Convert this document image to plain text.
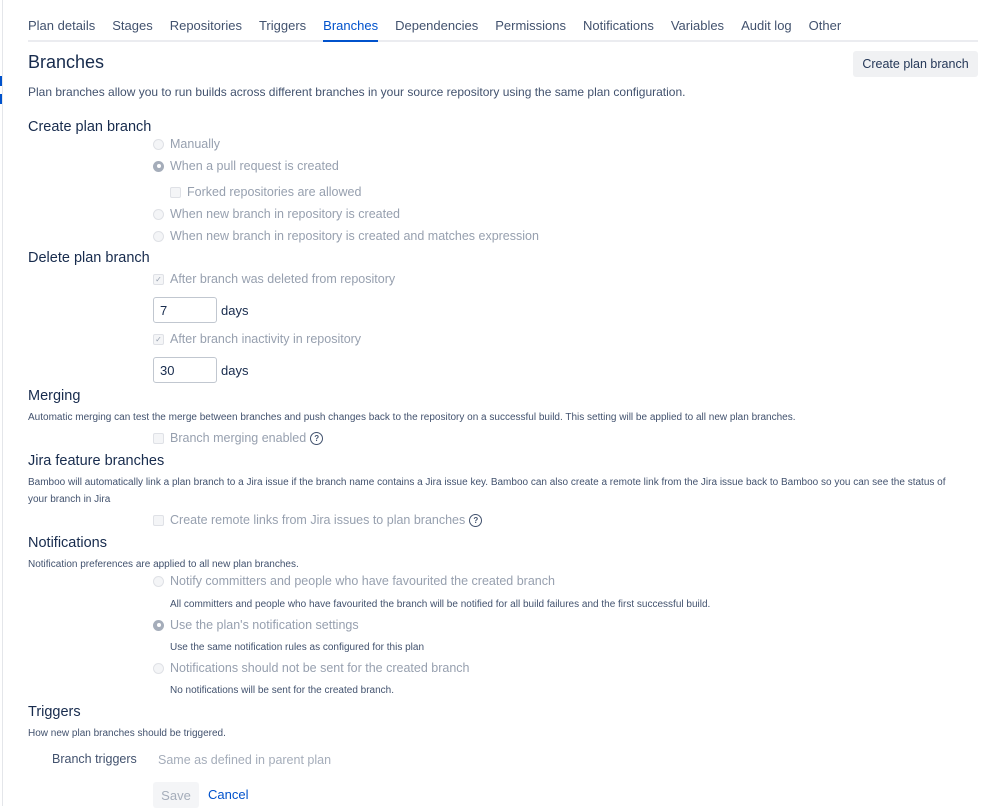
Plan details Stages Repositories Triggers Branches Dependencies Permissions Notifications Variables Audit log Other
Branches	Create plan branch
Plan branches allow you to run builds across different branches in your source repository using the same plan configuration.
Create plan branch
Manually
When a pull request is created
Forked repositories are allowed
When new branch in repository is created
When new branch in repository is created and matches expression
Delete plan branch
✓ After branch was deleted from repository
7
days
✓ After branch inactivity in repository
30
days
Merging
Automatic merging can test the merge between branches and push changes back to the repository on a successful build. This setting will be applied to all new plan branches.
Branch merging enabled	?
Jira feature branches
Bamboo will automatically link a plan branch to a Jira issue if the branch name contains a Jira issue key. Bamboo can also create a remote link from the Jira issue back to Bamboo so you can see the status of
your branch in Jira
Create remote links from Jira issues to plan branches	?
Notifications
Notification preferences are applied to all new plan branches.
Notify committers and people who have favourited the created branch
All committers and people who have favourited the branch will be notified for all build failures and the first successful build.
Use the plan's notification settings
Use the same notification rules as configured for this plan
Notifications should not be sent for the created branch
No notifications will be sent for the created branch.
Triggers
How new plan branches should be triggered.
Branch triggers Same as defined in parent plan
Save	Cancel
